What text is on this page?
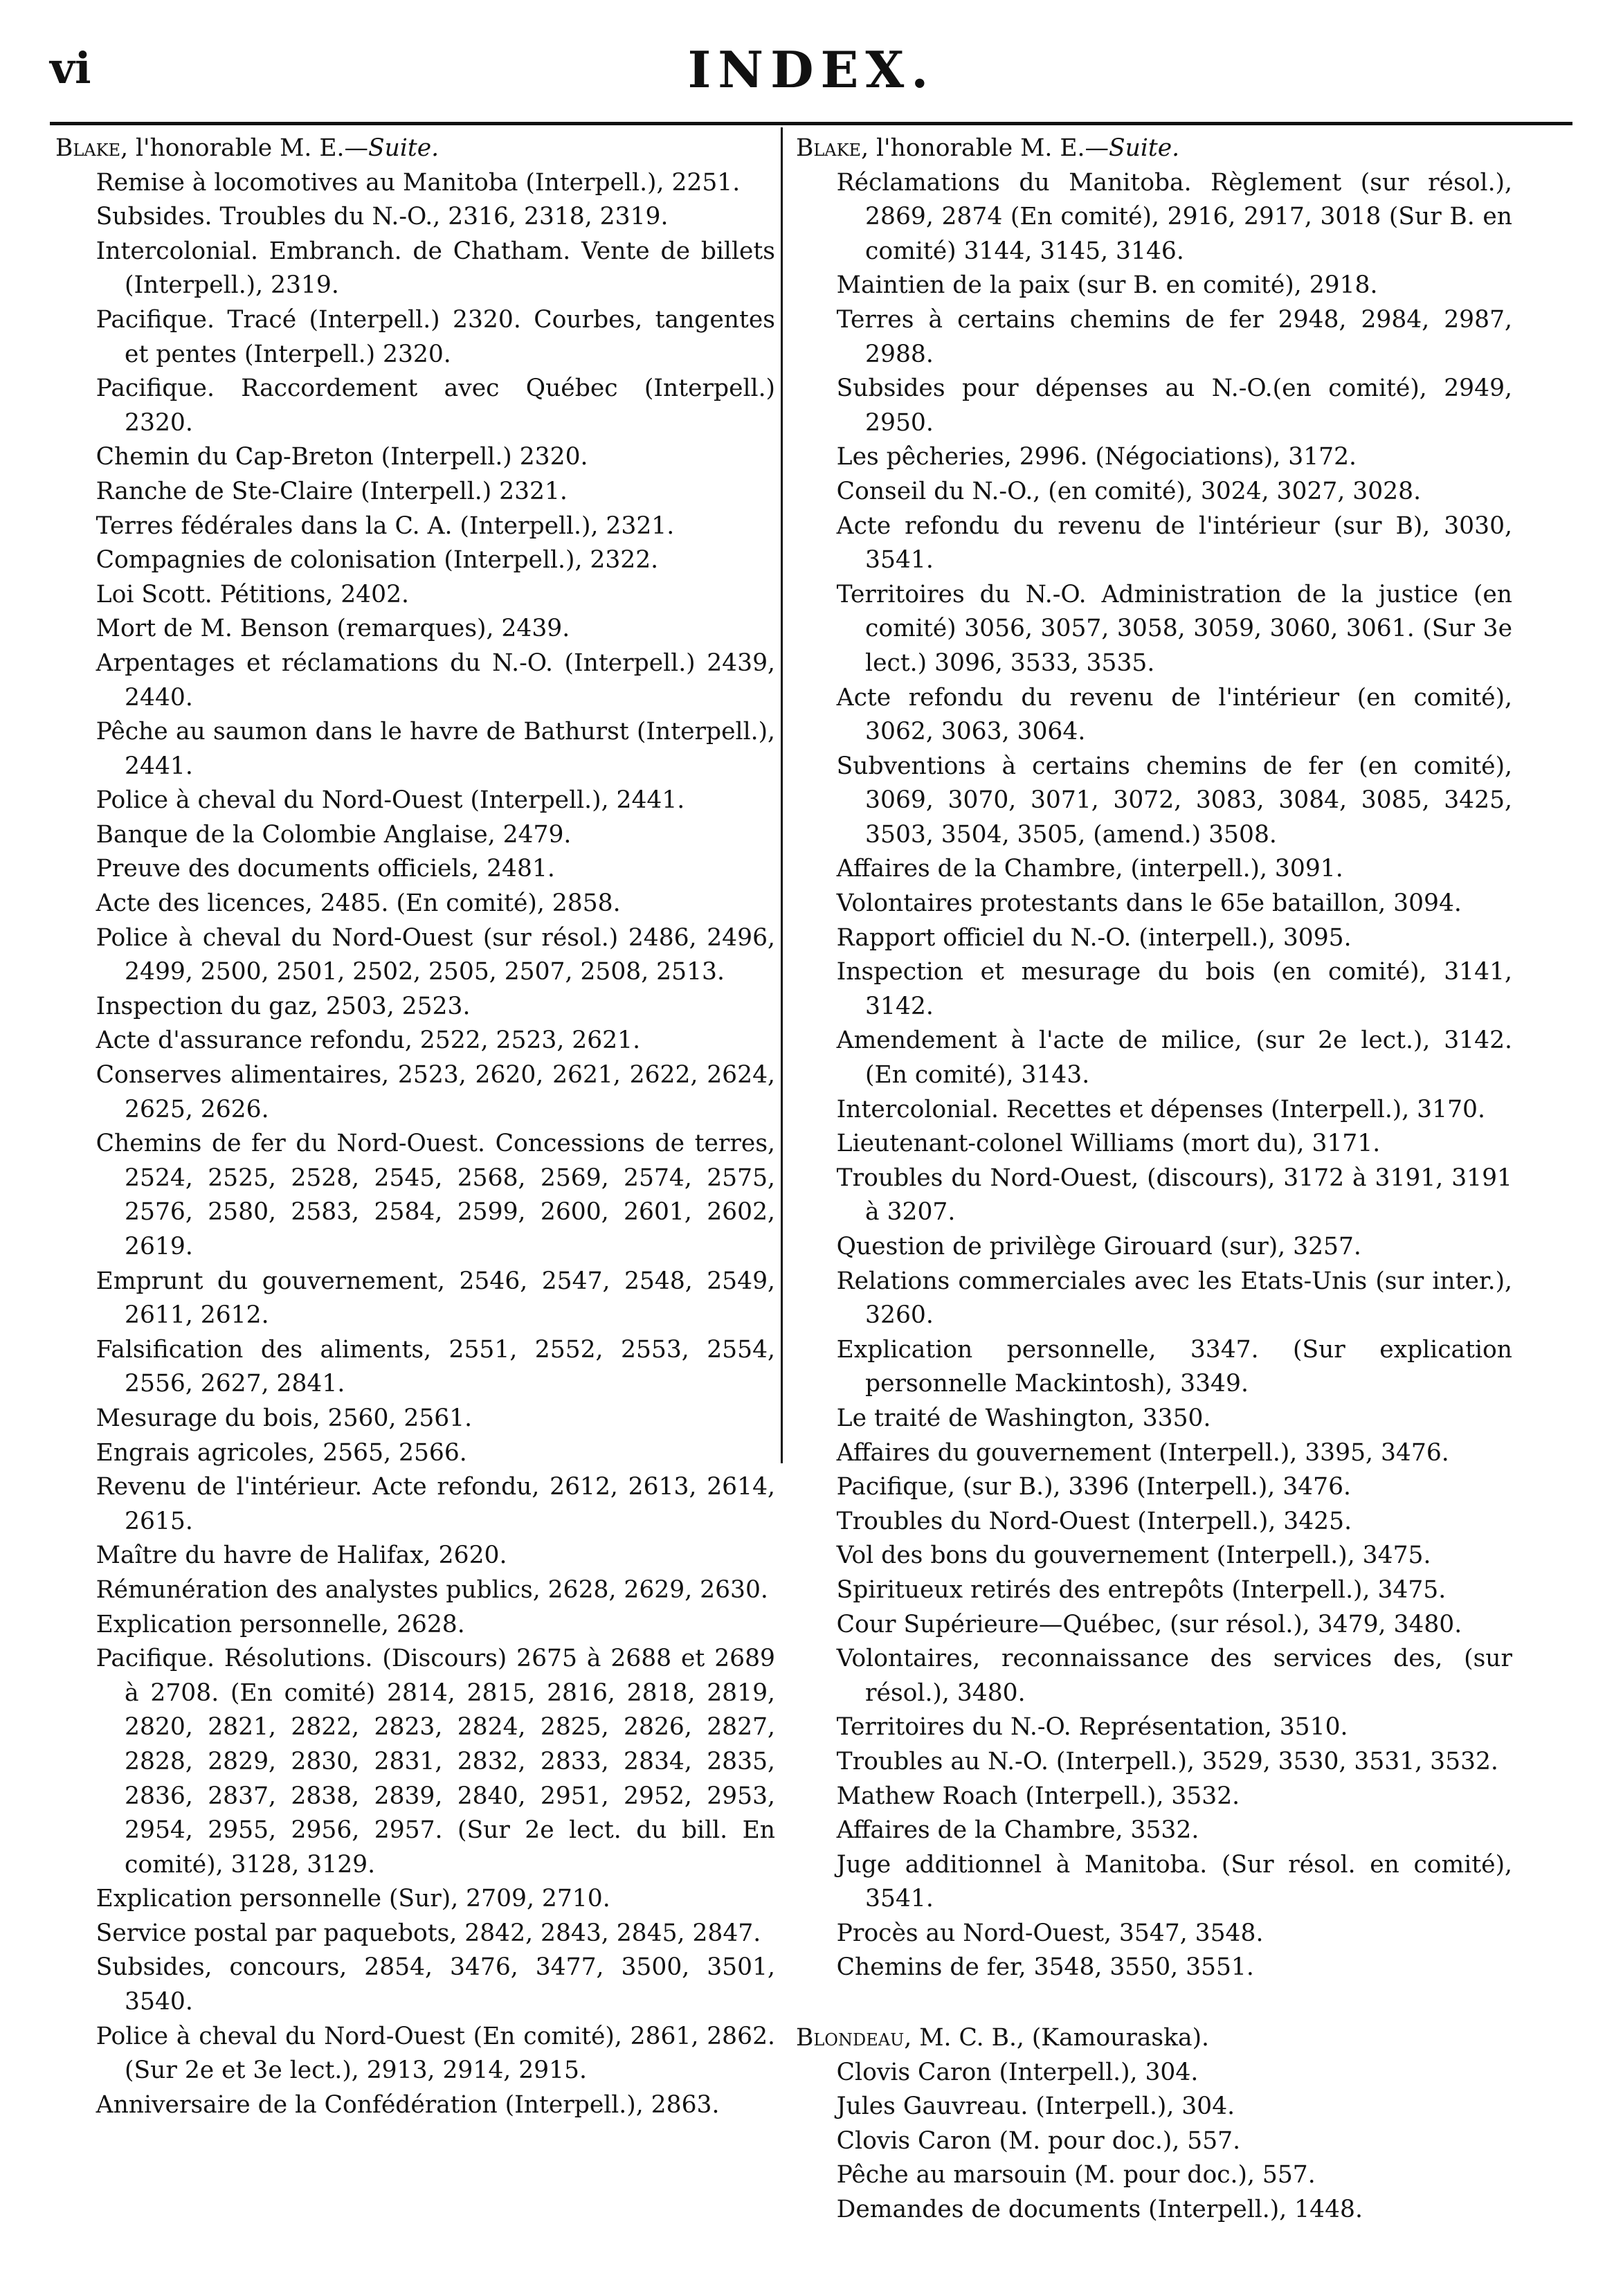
vi	INDEX.

Blake, l'honorable M. E.—Suite.

Remise à locomotives au Manitoba (Interpell.), 2251.

Subsides. Troubles du N.-O., 2316, 2318, 2319.

Intercolonial. Embranch. de Chatham. Vente de billets (Interpell.), 2319.

Pacifique. Tracé (Interpell.) 2320. Courbes, tangentes et pentes (Interpell.) 2320.

Pacifique. Raccordement avec Québec (Interpell.) 2320.

Chemin du Cap-Breton (Interpell.) 2320.

Ranche de Ste-Claire (Interpell.) 2321.

Terres fédérales dans la C. A. (Interpell.), 2321.

Compagnies de colonisation (Interpell.), 2322.

Loi Scott. Pétitions, 2402.

Mort de M. Benson (remarques), 2439.

Arpentages et réclamations du N.-O. (Interpell.) 2439, 2440.

Pêche au saumon dans le havre de Bathurst (Interpell.), 2441.

Police à cheval du Nord-Ouest (Interpell.), 2441.

Banque de la Colombie Anglaise, 2479.

Preuve des documents officiels, 2481.

Acte des licences, 2485. (En comité), 2858.

Police à cheval du Nord-Ouest (sur résol.) 2486, 2496, 2499, 2500, 2501, 2502, 2505, 2507, 2508, 2513.

Inspection du gaz, 2503, 2523.

Acte d'assurance refondu, 2522, 2523, 2621.

Conserves alimentaires, 2523, 2620, 2621, 2622, 2624, 2625, 2626.

Chemins de fer du Nord-Ouest. Concessions de terres, 2524, 2525, 2528, 2545, 2568, 2569, 2574, 2575, 2576, 2580, 2583, 2584, 2599, 2600, 2601, 2602, 2619.

Emprunt du gouvernement, 2546, 2547, 2548, 2549, 2611, 2612.

Falsification des aliments, 2551, 2552, 2553, 2554, 2556, 2627, 2841.

Mesurage du bois, 2560, 2561.

Engrais agricoles, 2565, 2566.

Revenu de l'intérieur. Acte refondu, 2612, 2613, 2614, 2615.

Maître du havre de Halifax, 2620.

Rémunération des analystes publics, 2628, 2629, 2630.

Explication personnelle, 2628.

Pacifique. Résolutions. (Discours) 2675 à 2688 et 2689 à 2708. (En comité) 2814, 2815, 2816, 2818, 2819, 2820, 2821, 2822, 2823, 2824, 2825, 2826, 2827, 2828, 2829, 2830, 2831, 2832, 2833, 2834, 2835, 2836, 2837, 2838, 2839, 2840, 2951, 2952, 2953, 2954, 2955, 2956, 2957. (Sur 2e lect. du bill. En comité), 3128, 3129.

Explication personnelle (Sur), 2709, 2710.

Service postal par paquebots, 2842, 2843, 2845, 2847.

Subsides, concours, 2854, 3476, 3477, 3500, 3501, 3540.

Police à cheval du Nord-Ouest (En comité), 2861, 2862. (Sur 2e et 3e lect.), 2913, 2914, 2915.

Anniversaire de la Confédération (Interpell.), 2863.

Blake, l'honorable M. E.—Suite.

Réclamations du Manitoba. Règlement (sur résol.), 2869, 2874 (En comité), 2916, 2917, 3018 (Sur B. en comité) 3144, 3145, 3146.

Maintien de la paix (sur B. en comité), 2918.

Terres à certains chemins de fer 2948, 2984, 2987, 2988.

Subsides pour dépenses au N.-O.(en comité), 2949, 2950.

Les pêcheries, 2996. (Négociations), 3172.

Conseil du N.-O., (en comité), 3024, 3027, 3028.

Acte refondu du revenu de l'intérieur (sur B), 3030, 3541.

Territoires du N.-O. Administration de la justice (en comité) 3056, 3057, 3058, 3059, 3060, 3061. (Sur 3e lect.) 3096, 3533, 3535.

Acte refondu du revenu de l'intérieur (en comité), 3062, 3063, 3064.

Subventions à certains chemins de fer (en comité), 3069, 3070, 3071, 3072, 3083, 3084, 3085, 3425, 3503, 3504, 3505, (amend.) 3508.

Affaires de la Chambre, (interpell.), 3091.

Volontaires protestants dans le 65e bataillon, 3094.

Rapport officiel du N.-O. (interpell.), 3095.

Inspection et mesurage du bois (en comité), 3141, 3142.

Amendement à l'acte de milice, (sur 2e lect.), 3142. (En comité), 3143.

Intercolonial. Recettes et dépenses (Interpell.), 3170.

Lieutenant-colonel Williams (mort du), 3171.

Troubles du Nord-Ouest, (discours), 3172 à 3191, 3191 à 3207.

Question de privilège Girouard (sur), 3257.

Relations commerciales avec les Etats-Unis (sur inter.), 3260.

Explication personnelle, 3347. (Sur explication personnelle Mackintosh), 3349.

Le traité de Washington, 3350.

Affaires du gouvernement (Interpell.), 3395, 3476.

Pacifique, (sur B.), 3396 (Interpell.), 3476.

Troubles du Nord-Ouest (Interpell.), 3425.

Vol des bons du gouvernement (Interpell.), 3475.

Spiritueux retirés des entrepôts (Interpell.), 3475.

Cour Supérieure—Québec, (sur résol.), 3479, 3480.

Volontaires, reconnaissance des services des, (sur résol.), 3480.

Territoires du N.-O. Représentation, 3510.

Troubles au N.-O. (Interpell.), 3529, 3530, 3531, 3532.

Mathew Roach (Interpell.), 3532.

Affaires de la Chambre, 3532.

Juge additionnel à Manitoba. (Sur résol. en comité), 3541.

Procès au Nord-Ouest, 3547, 3548.

Chemins de fer, 3548, 3550, 3551.

Blondeau, M. C. B., (Kamouraska).

Clovis Caron (Interpell.), 304.

Jules Gauvreau. (Interpell.), 304.

Clovis Caron (M. pour doc.), 557.

Pêche au marsouin (M. pour doc.), 557.

Demandes de documents (Interpell.), 1448.
